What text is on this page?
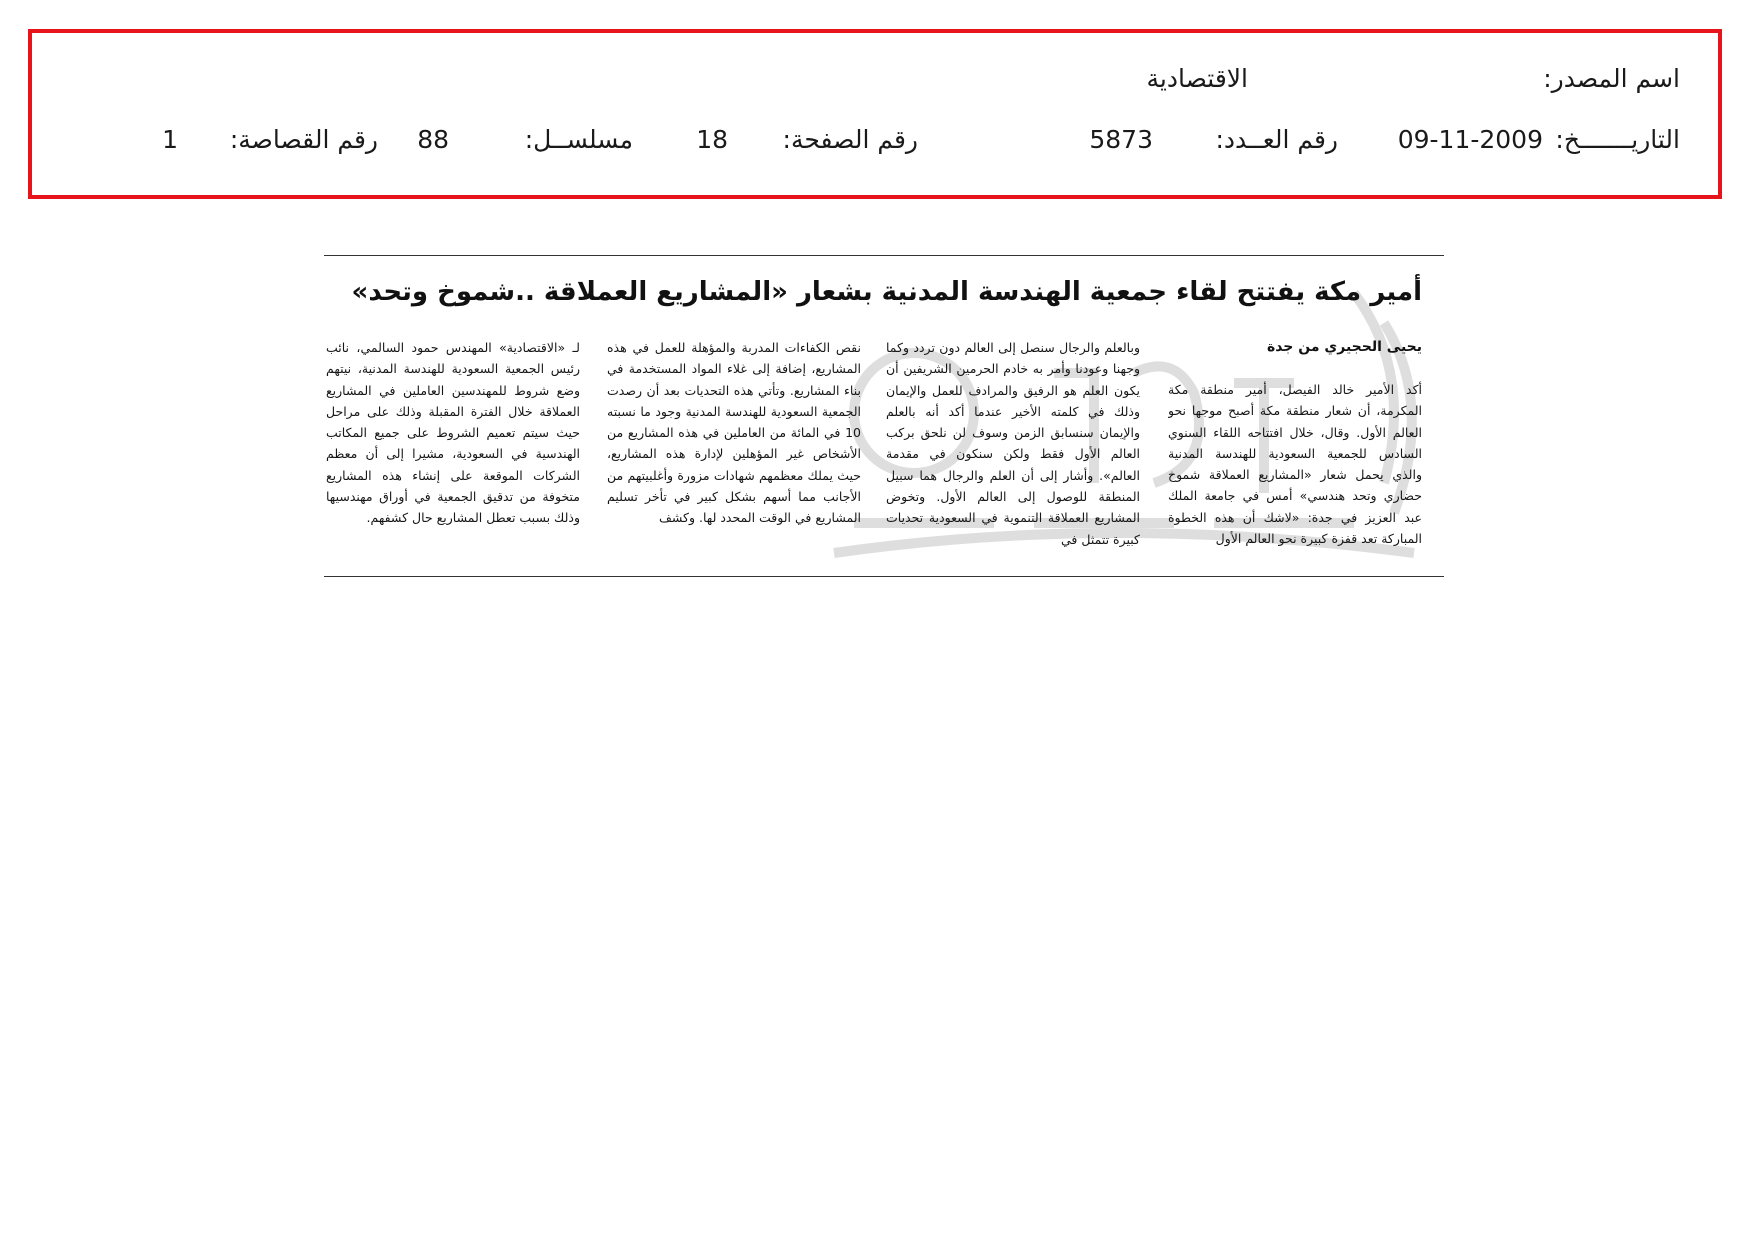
اسم المصدر:
الاقتصادية
التاريـــــــخ:
09-11-2009
رقم العــدد:
5873
رقم الصفحة:
18
مسلســل:
88
رقم القصاصة:
1
أمير مكة يفتتح لقاء جمعية الهندسة المدنية بشعار «المشاريع العملاقة ..شموخ وتحد»
يحيى الحجيري من جدة
أكد الأمير خالد الفيصل، أمير منطقة مكة المكرمة، أن شعار منطقة مكة أصبح موجها نحو العالم الأول. وقال، خلال افتتاحه اللقاء السنوي السادس للجمعية السعودية للهندسة المدنية والذي يحمل شعار «المشاريع العملاقة شموخ حضاري وتحد هندسي» أمس في جامعة الملك عبد العزيز في جدة: «لاشك أن هذه الخطوة المباركة تعد قفزة كبيرة نحو العالم الأول
وبالعلم والرجال سنصل إلى العالم دون تردد وكما وجهنا وعودنا وأمر به خادم الحرمين الشريفين أن يكون العلم هو الرفيق والمرادف للعمل والإيمان وذلك في كلمته الأخير عندما أكد أنه بالعلم والإيمان سنسابق الزمن وسوف لن نلحق بركب العالم الأول فقط ولكن سنكون في مقدمة العالم». وأشار إلى أن العلم والرجال هما سبيل المنطقة للوصول إلى العالم الأول. وتخوض المشاريع العملاقة التنموية في السعودية تحديات كبيرة تتمثل في
نقص الكفاءات المدربة والمؤهلة للعمل في هذه المشاريع، إضافة إلى غلاء المواد المستخدمة في بناء المشاريع. وتأتي هذه التحديات بعد أن رصدت الجمعية السعودية للهندسة المدنية وجود ما نسبته 10 في المائة من العاملين في هذه المشاريع من الأشخاص غير المؤهلين لإدارة هذه المشاريع، حيث يملك معظمهم شهادات مزورة وأغلبيتهم من الأجانب مما أسهم بشكل كبير في تأخر تسليم المشاريع في الوقت المحدد لها. وكشف
لـ «الاقتصادية» المهندس حمود السالمي، نائب رئيس الجمعية السعودية للهندسة المدنية، نيتهم وضع شروط للمهندسين العاملين في المشاريع العملاقة خلال الفترة المقبلة وذلك على مراحل حيث سيتم تعميم الشروط على جميع المكاتب الهندسية في السعودية، مشيرا إلى أن معظم الشركات الموقعة على إنشاء هذه المشاريع متخوفة من تدقيق الجمعية في أوراق مهندسيها وذلك بسبب تعطل المشاريع حال كشفهم.
